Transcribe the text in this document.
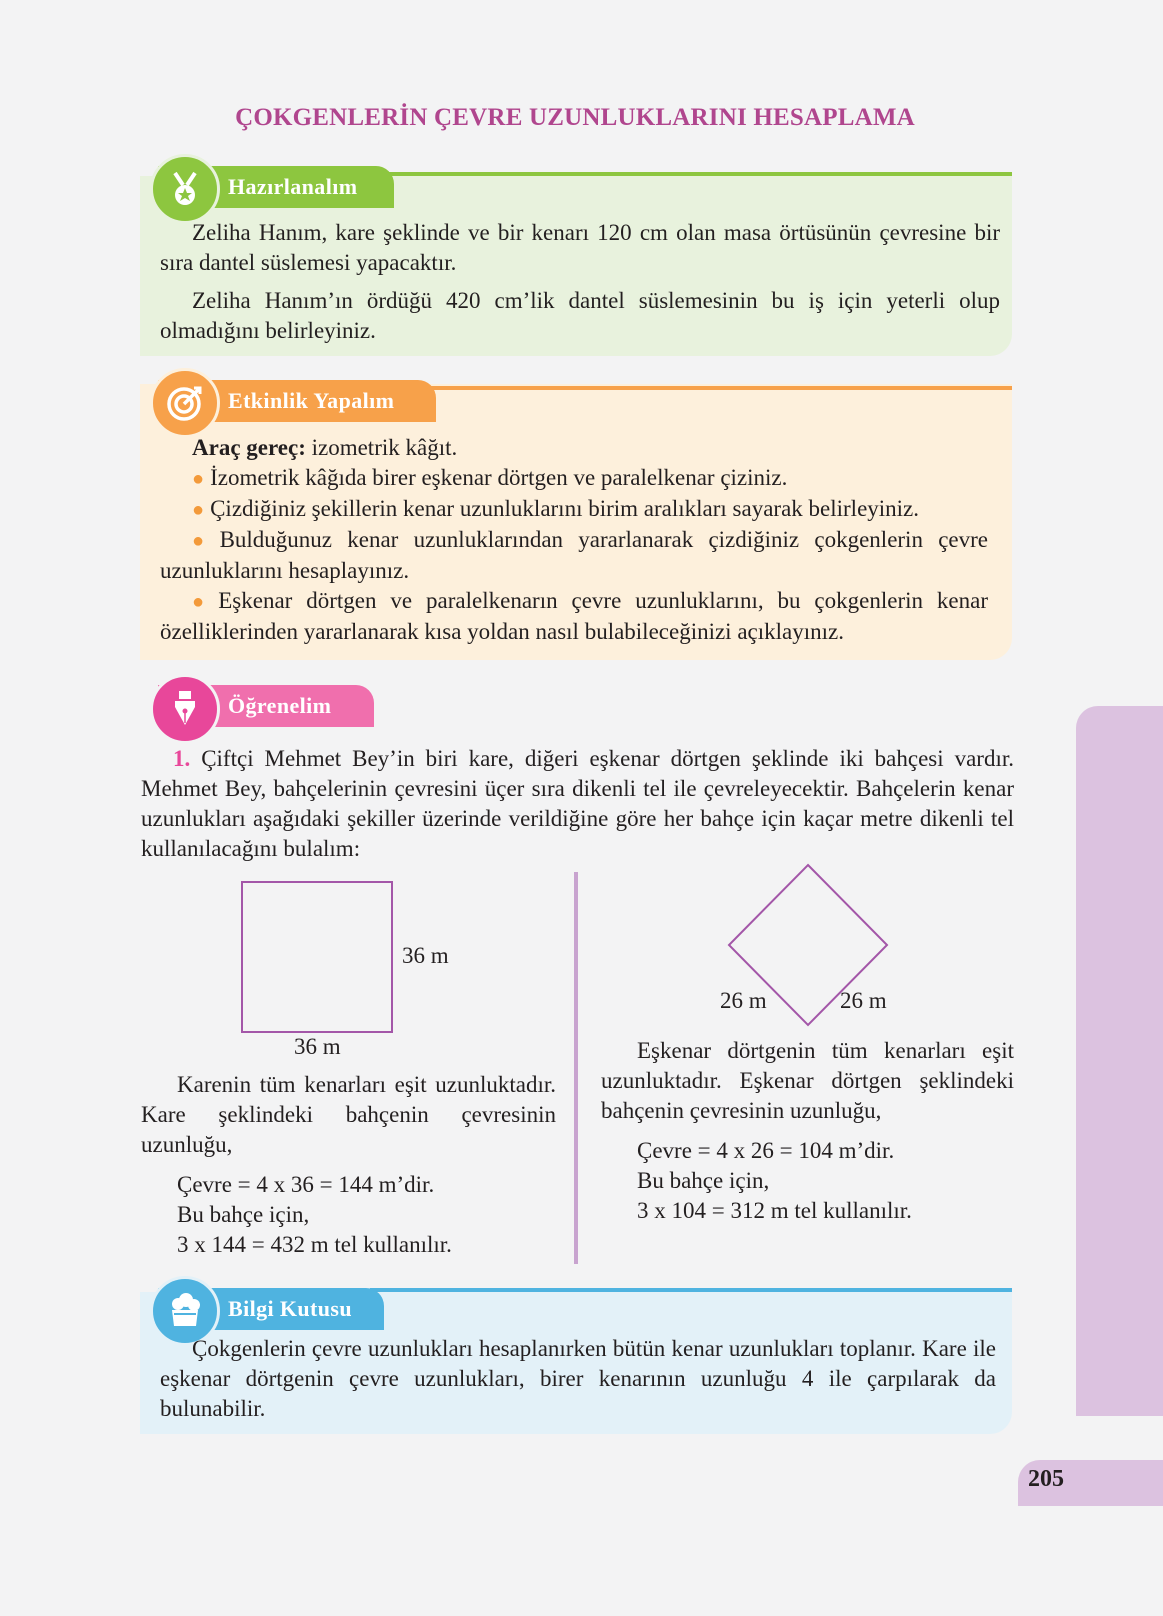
ÇOKGENLERİN ÇEVRE UZUNLUKLARINI HESAPLAMA
Hazırlanalım

Zeliha Hanım, kare şeklinde ve bir kenarı 120 cm olan masa örtüsünün çevresine bir sıra dantel süslemesi yapacaktır.

Zeliha Hanım’ın ördüğü 420 cm’lik dantel süslemesinin bu iş için yeterli olup olmadığını belirleyiniz.

Etkinlik Yapalım

Araç gereç: izometrik kâğıt.

● İzometrik kâğıda birer eşkenar dörtgen ve paralelkenar çiziniz.

● Çizdiğiniz şekillerin kenar uzunluklarını birim aralıkları sayarak belirleyiniz.

● Bulduğunuz kenar uzunluklarından yararlanarak çizdiğiniz çokgenlerin çevre uzunluklarını hesaplayınız.

● Eşkenar dörtgen ve paralelkenarın çevre uzunluklarını, bu çokgenlerin kenar özelliklerinden yararlanarak kısa yoldan nasıl bulabileceğinizi açıklayınız.

Öğrenelim
1. Çiftçi Mehmet Bey’in biri kare, diğeri eşkenar dörtgen şeklinde iki bahçesi vardır. Mehmet Bey, bahçelerinin çevresini üçer sıra dikenli tel ile çevreleyecektir. Bahçelerin kenar uzunlukları aşağıdaki şekiller üzerinde verildiğine göre her bahçe için kaçar metre dikenli tel kullanılacağını bulalım:
36 m
36 m
26 m	26 m

Karenin tüm kenarları eşit uzunluktadır. Kare şeklindeki bahçenin çevresinin uzunluğu,

Çevre = 4 x 36 = 144 m’dir.

Bu bahçe için,

3 x 144 = 432 m tel kullanılır.

Eşkenar dörtgenin tüm kenarları eşit uzunluktadır. Eşkenar dörtgen şeklindeki bahçenin çevresinin uzunluğu,

Çevre = 4 x 26 = 104 m’dir.

Bu bahçe için,

3 x 104 = 312 m tel kullanılır.

Bilgi Kutusu
Çokgenlerin çevre uzunlukları hesaplanırken bütün kenar uzunlukları toplanır. Kare ile eşkenar dörtgenin çevre uzunlukları, birer kenarının uzunluğu 4 ile çarpılarak da bulunabilir.
205
